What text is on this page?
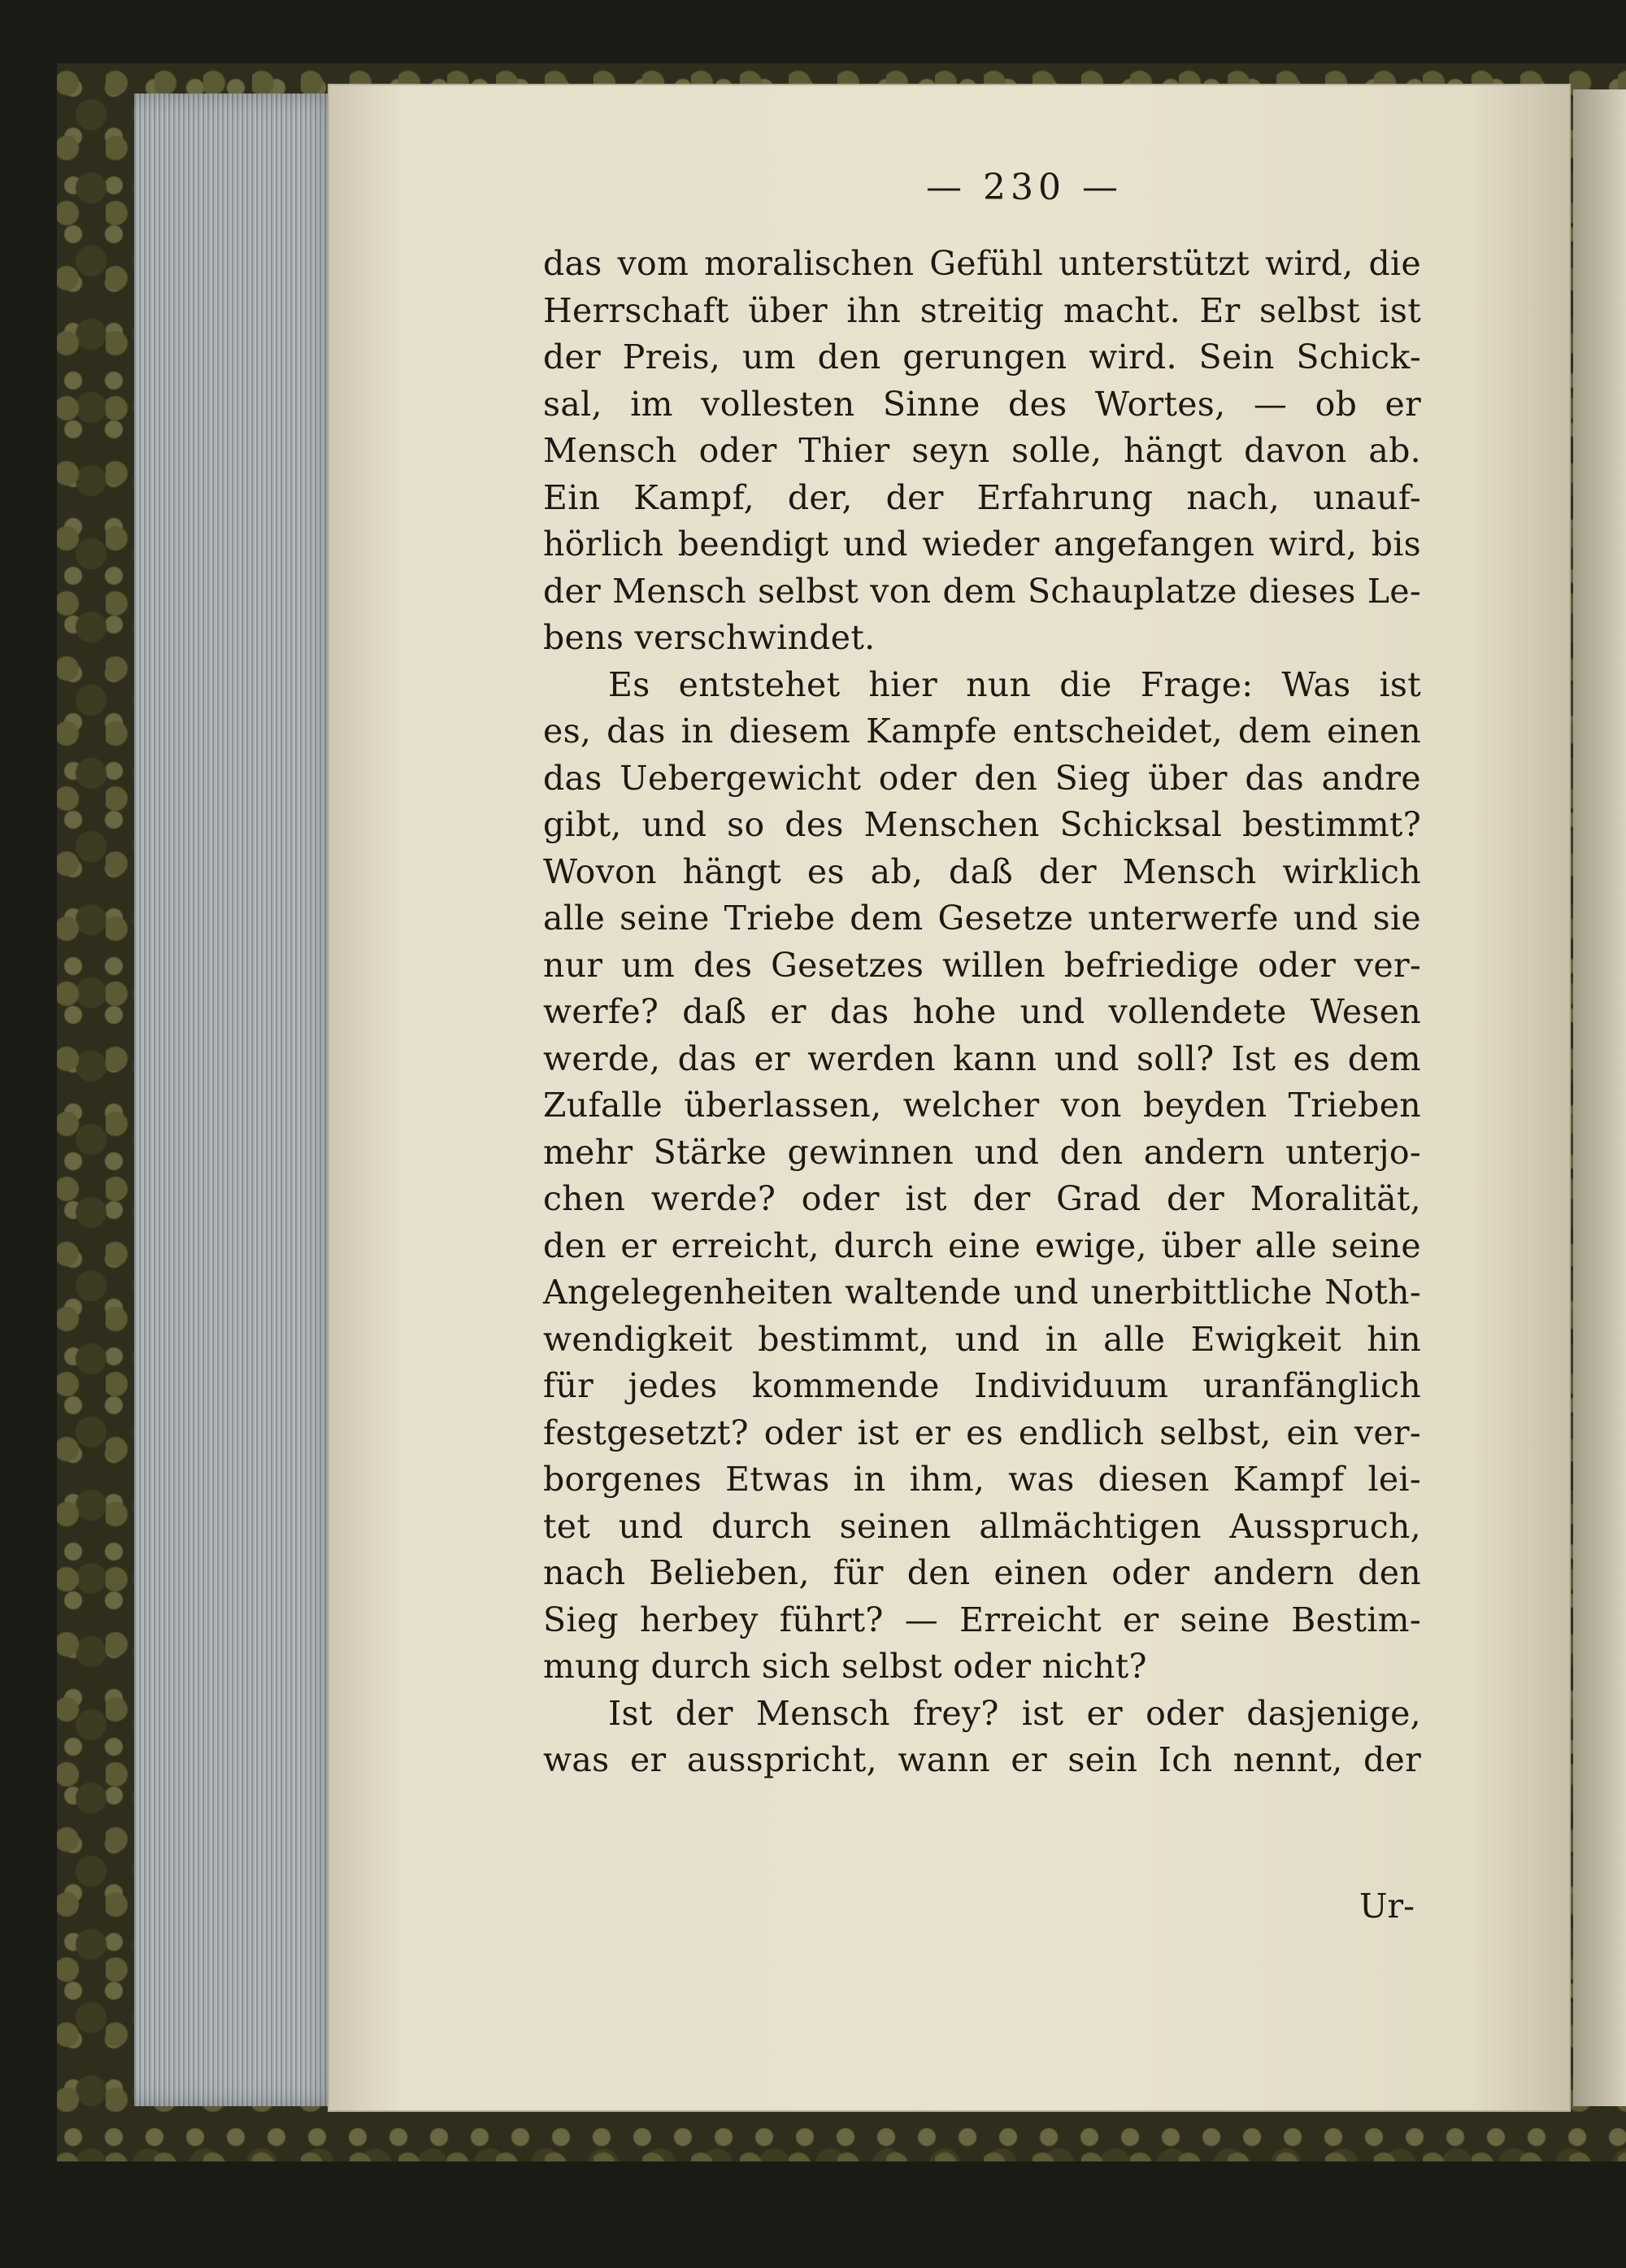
— 230 —
das vom moralischen Gefühl unterstützt wird, die
Herrschaft über ihn streitig macht. Er selbst ist
der Preis, um den gerungen wird. Sein Schick-
sal, im vollesten Sinne des Wortes, — ob er
Mensch oder Thier seyn solle, hängt davon ab.
Ein Kampf, der, der Erfahrung nach, unauf-
hörlich beendigt und wieder angefangen wird, bis
der Mensch selbst von dem Schauplatze dieses Le-
bens verschwindet.
Es entstehet hier nun die Frage: Was ist
es, das in diesem Kampfe entscheidet, dem einen
das Uebergewicht oder den Sieg über das andre
gibt, und so des Menschen Schicksal bestimmt?
Wovon hängt es ab, daß der Mensch wirklich
alle seine Triebe dem Gesetze unterwerfe und sie
nur um des Gesetzes willen befriedige oder ver-
werfe? daß er das hohe und vollendete Wesen
werde, das er werden kann und soll? Ist es dem
Zufalle überlassen, welcher von beyden Trieben
mehr Stärke gewinnen und den andern unterjo-
chen werde? oder ist der Grad der Moralität,
den er erreicht, durch eine ewige, über alle seine
Angelegenheiten waltende und unerbittliche Noth-
wendigkeit bestimmt, und in alle Ewigkeit hin
für jedes kommende Individuum uranfänglich
festgesetzt? oder ist er es endlich selbst, ein ver-
borgenes Etwas in ihm, was diesen Kampf lei-
tet und durch seinen allmächtigen Ausspruch,
nach Belieben, für den einen oder andern den
Sieg herbey führt? — Erreicht er seine Bestim-
mung durch sich selbst oder nicht?
Ist der Mensch frey? ist er oder dasjenige,
was er ausspricht, wann er sein Ich nennt, der
Ur-
